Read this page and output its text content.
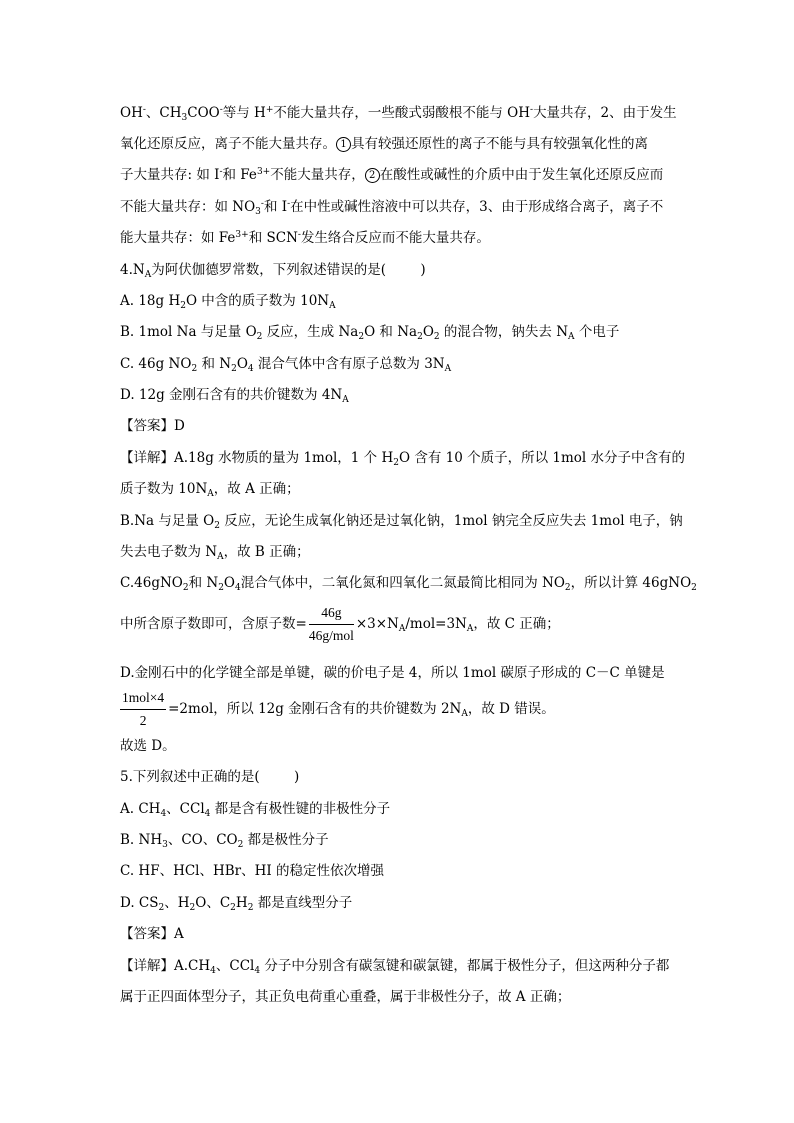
OH-、$CH_3COO^-$等与 H+不能大量共存，一些酸式弱酸根不能与 OH-大量共存，2、由于发生
氧化还原反应，离子不能大量共存。 1 具有较强还原性的离子不能与具有较强氧化性的离
子大量共存: 如 I-和 $Fe^{3+}$不能大量共存， 2 在酸性或碱性的介质中由于发生氧化还原反应而
不能大量共存：如 $NO_3^-$和 I-在中性或碱性溶液中可以共存，3、由于形成络合离子，离子不
能大量共存：如 $Fe^{3+}$和 SCN-发生络合反应而不能大量共存。
$4.N_A$为阿伏伽德罗常数，下列叙述错误的是(	)
A. 18g $H_2O$ 中含的质子数为 $10N_A$
B. 1mol Na 与足量 $O_2$ 反应，生成 $Na_2O$ 和 $Na_2O_2$ 的混合物，钠失去 $N_A$ 个电子
C. 46g $NO_2$ 和 $N_2O_4$ 混合气体中含有原子总数为 $3N_A$
D. 12g 金刚石含有的共价键数为 $4N_A$
【答案】D
【详解】A.18g 水物质的量为 1mol，1 个 $H_2O$ 含有 10 个质子，所以 1mol 水分子中含有的
质子数为 $10N_A$，故 A 正确；
B.Na 与足量 $O_2$ 反应，无论生成氧化钠还是过氧化钠，1mol 钠完全反应失去 1mol 电子，钠
失去电子数为 $N_A$，故 B 正确；
C.46gNO$_2$和 $N_2O_4$混合气体中，二氧化氮和四氧化二氮最简比相同为 $NO_2$，所以计算 46gNO$_2$
中所含原子数即可，含原子数= $\frac{46g}{\text{46g/mol}} \times 3\times N_A/mol=3N_A$，故 C 正确；
D.金刚石中的化学键全部是单键，碳的价电子是 4，所以 1mol 碳原子形成的 C－C 单键是
$\frac{\text{1mol×4}}{2} =2mol$，所以 12g 金刚石含有的共价键数为 $2N_A$，故 D 错误。
故选 D。
5.下列叙述中正确的是(	)
A. $CH_4$、CCl$_4$ 都是含有极性键的非极性分子
B. $NH_3$、CO、$CO_2$ 都是极性分子
C. HF、HCl、HBr、HI 的稳定性依次增强
D. $CS_2$、$H_2O$、$C_2H_2$ 都是直线型分子
【答案】A
【详解】$A.CH_4$、CCl$_4$ 分子中分别含有碳氢键和碳氯键，都属于极性分子，但这两种分子都
属于正四面体型分子，其正负电荷重心重叠，属于非极性分子，故 A 正确；
